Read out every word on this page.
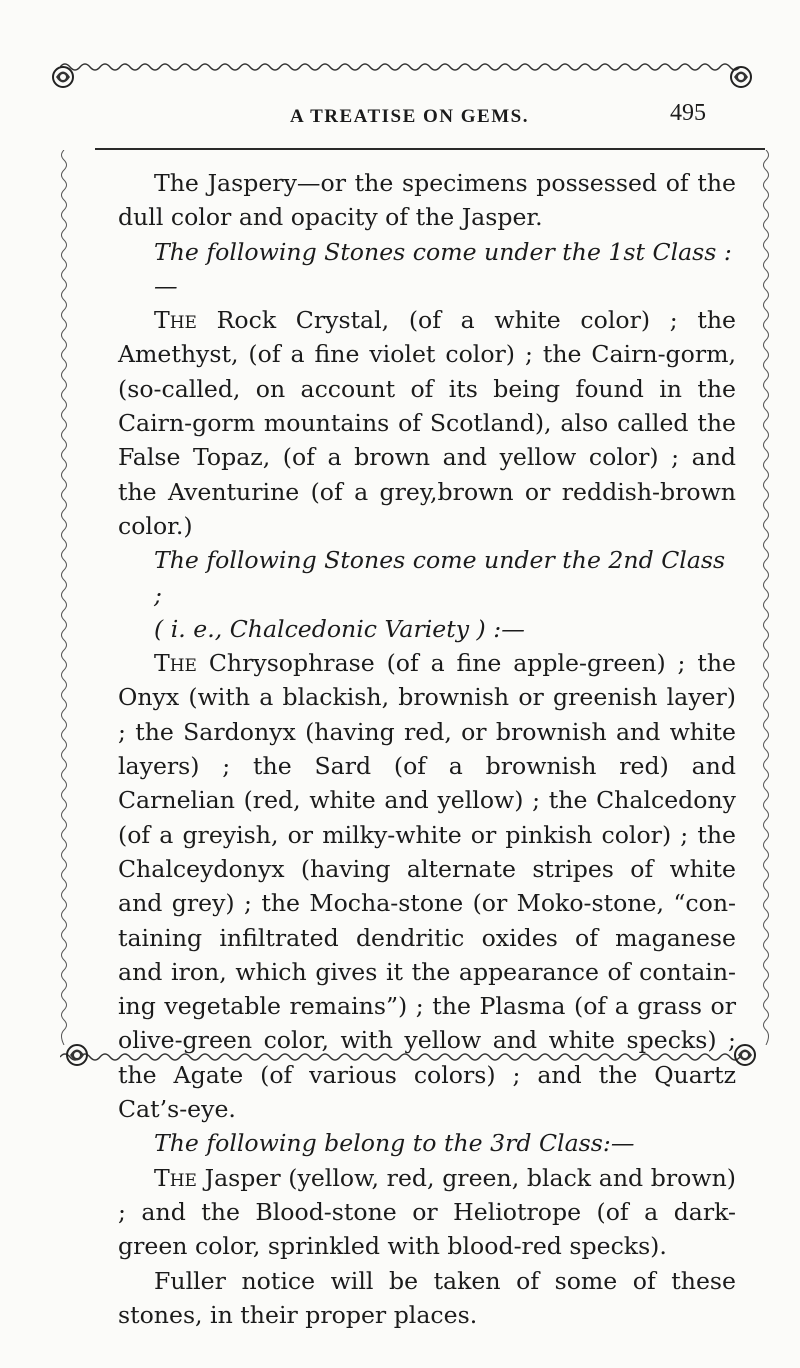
A TREATISE ON GEMS.	495

The Jaspery—or the specimens possessed of the dull color and opacity of the Jasper.

The following Stones come under the 1st Class :—

The Rock Crystal, (of a white color) ; the Amethyst, (of a fine violet color) ; the Cairn-gorm, (so-called, on account of its being found in the Cairn-gorm mountains of Scotland), also called the False Topaz, (of a brown and yellow color) ; and the Aventurine (of a grey,brown or reddish-brown color.)

The following Stones come under the 2nd Class ;

( i. e., Chalcedonic Variety ) :—

The Chrysophrase (of a fine apple-green) ; the Onyx (with a blackish, brownish or greenish layer) ; the Sardonyx (having red, or brownish and white layers) ; the Sard (of a brownish red) and Carnelian (red, white and yellow) ; the Chalcedony (of a greyish, or milky-white or pinkish color) ; the Chalceydonyx (having alternate stripes of white and grey) ; the Mocha-stone (or Moko-stone, “con-taining infiltrated dendritic oxides of maganese and iron, which gives it the appearance of contain-ing vegetable remains”) ; the Plasma (of a grass or olive-green color, with yellow and white specks) ; the Agate (of various colors) ; and the Quartz Cat’s-eye.

The following belong to the 3rd Class:—

The Jasper (yellow, red, green, black and brown) ; and the Blood-stone or Heliotrope (of a dark-green color, sprinkled with blood-red specks).

Fuller notice will be taken of some of these stones, in their proper places.
